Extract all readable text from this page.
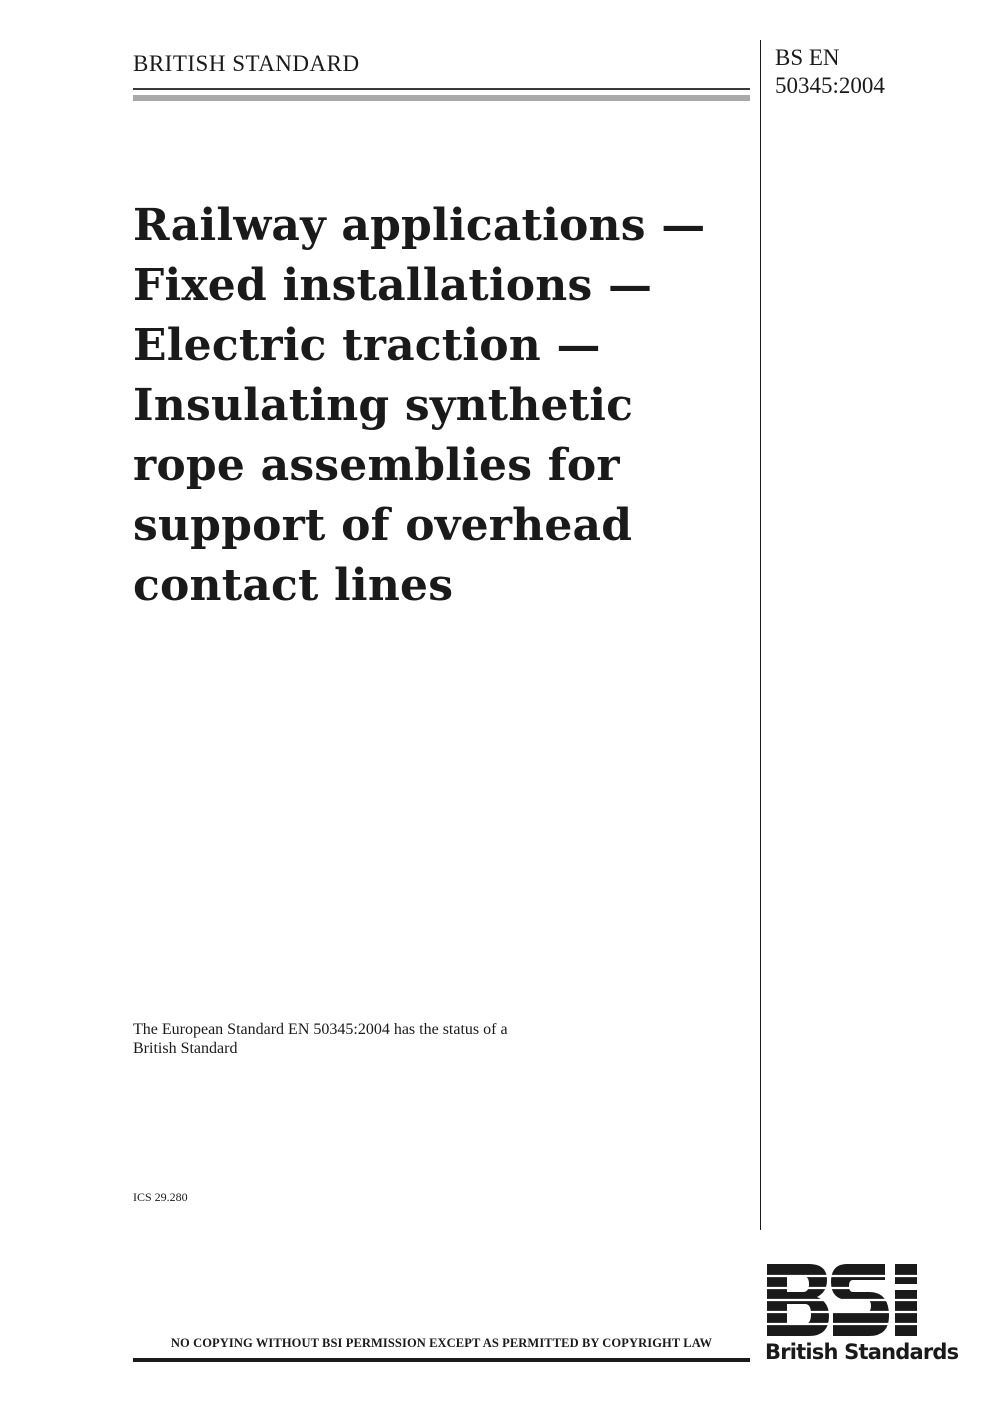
BRITISH STANDARD	BS EN
50345:2004
Railway applications —
Fixed installations —
Electric traction —
Insulating synthetic
rope assemblies for
support of overhead
contact lines
The European Standard EN 50345:2004 has the status of a
British Standard
ICS 29.280
NO COPYING WITHOUT BSI PERMISSION EXCEPT AS PERMITTED BY COPYRIGHT LAW	British Standards
